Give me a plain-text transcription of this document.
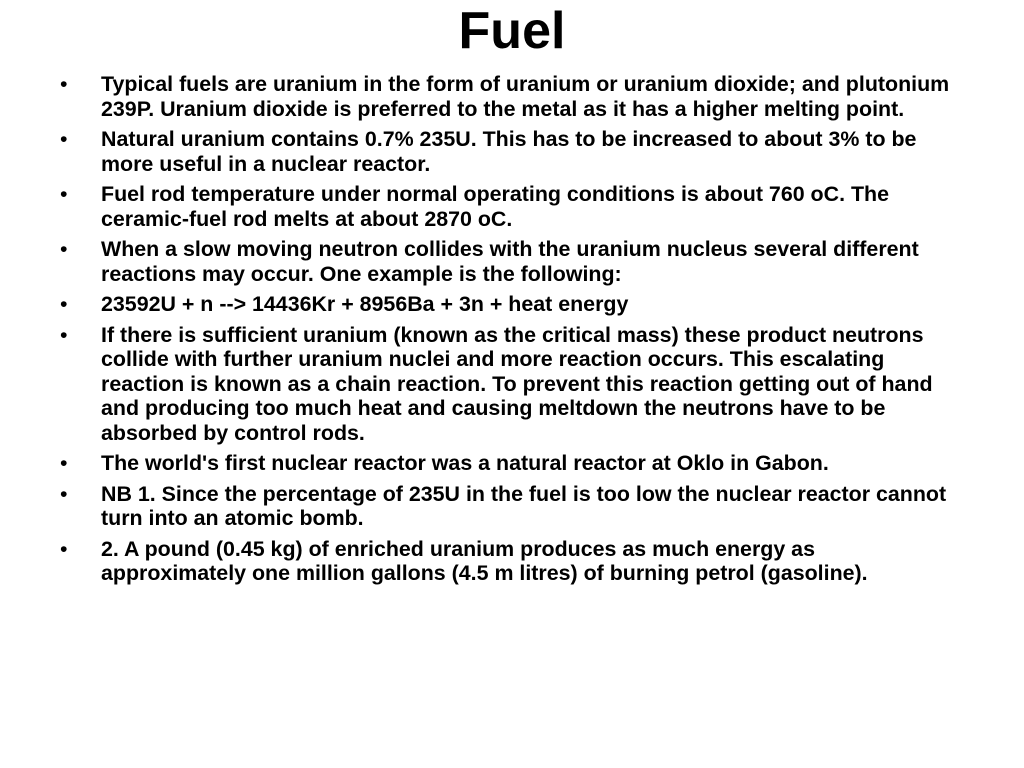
Fuel
•	Typical fuels are uranium in the form of uranium or uranium dioxide; and plutonium 239P. Uranium dioxide is preferred to the metal as it has a higher melting point.
•	Natural uranium contains 0.7% 235U. This has to be increased to about 3% to be more useful in a nuclear reactor.
•	Fuel rod temperature under normal operating conditions is about 760 oC. The ceramic-fuel rod melts at about 2870 oC.
•	When a slow moving neutron collides with the uranium nucleus several different reactions may occur. One example is the following:
•	23592U + n --> 14436Kr + 8956Ba + 3n + heat energy
•	If there is sufficient uranium (known as the critical mass) these product neutrons collide with further uranium nuclei and more reaction occurs. This escalating reaction is known as a chain reaction. To prevent this reaction getting out of hand and producing too much heat and causing meltdown the neutrons have to be absorbed by control rods.
•	The world's first nuclear reactor was a natural reactor at Oklo in Gabon.
•	NB 1. Since the percentage of 235U in the fuel is too low the nuclear reactor cannot turn into an atomic bomb.
•	2. A pound (0.45 kg) of enriched uranium produces as much energy as approximately one million gallons (4.5 m litres) of burning petrol (gasoline).
